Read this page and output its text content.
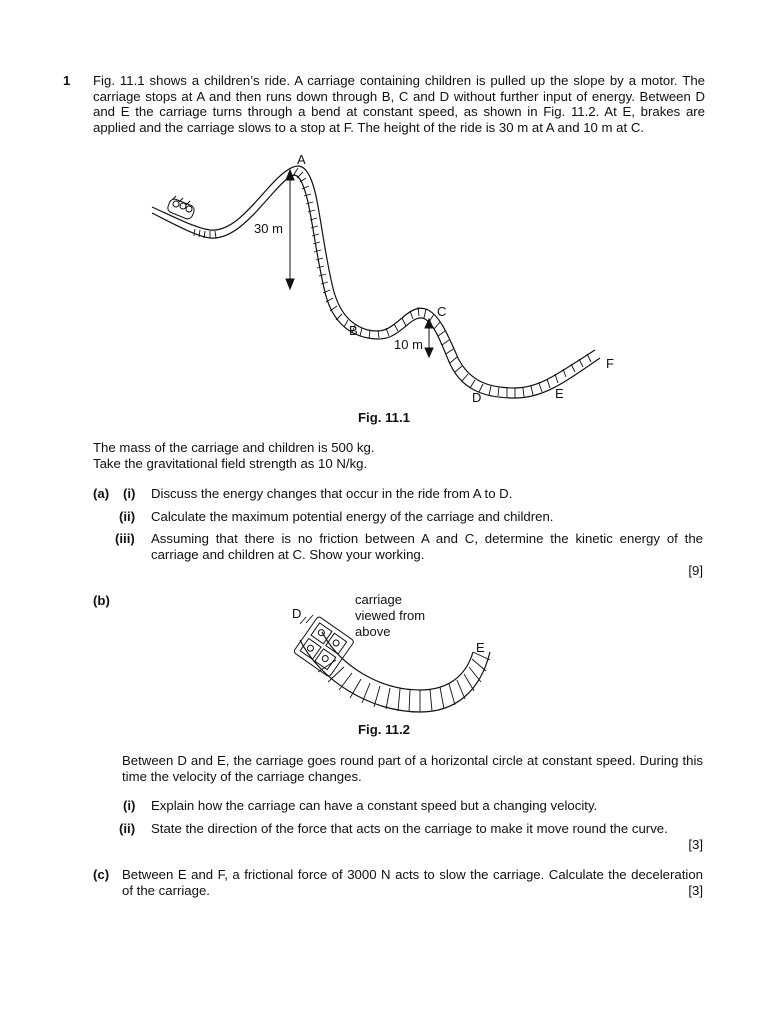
1 Fig. 11.1 shows a children’s ride. A carriage containing children is pulled up the slope by a motor. The carriage stops at A and then runs down through B, C and D without further input of energy. Between D and E the carriage turns through a bend at constant speed, as shown in Fig. 11.2. At E, brakes are applied and the carriage slows to a stop at F. The height of the ride is 30 m at A and 10 m at C.
A
30 m
B
C
10 m
D	E
F
Fig. 11.1
The mass of the carriage and children is 500 kg.
Take the gravitational field strength as 10 N/kg.
(a) (i)	Discuss the energy changes that occur in the ride from A to D.
(ii)	Calculate the maximum potential energy of the carriage and children.
(iii)	Assuming that there is no friction between A and C, determine the kinetic energy of the carriage and children at C. Show your working.
[9]
(b)
D
E
carriage
viewed from
above
Fig. 11.2
Between D and E, the carriage goes round part of a horizontal circle at constant speed. During this time the velocity of the carriage changes.
(i)	Explain how the carriage can have a constant speed but a changing velocity.
(ii)	State the direction of the force that acts on the carriage to make it move round the curve.
[3]
(c) Between E and F, a frictional force of 3000 N acts to slow the carriage. Calculate the deceleration of the carriage.	[3]
